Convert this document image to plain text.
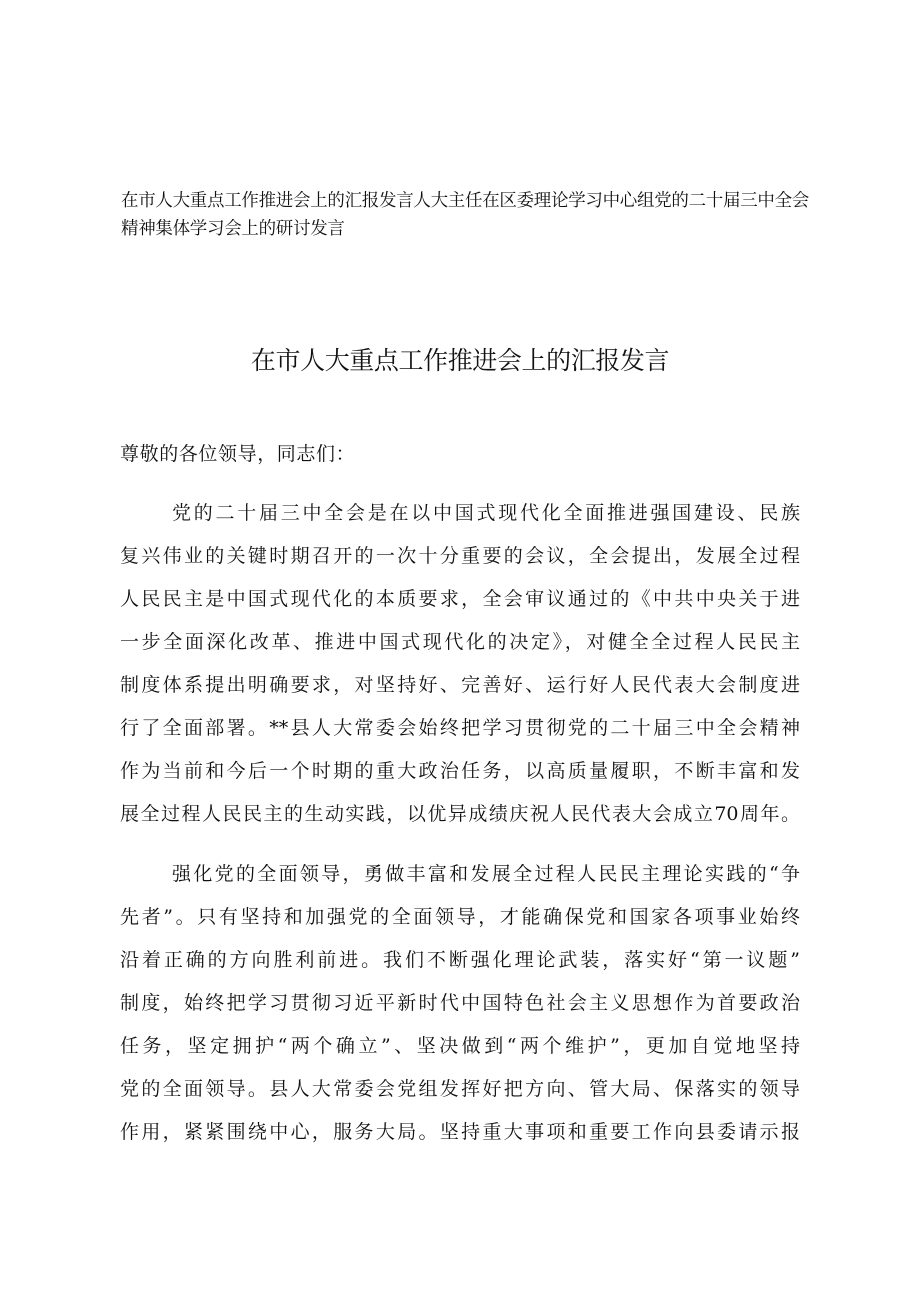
在市人大重点工作推进会上的汇报发言人大主任在区委理论学习中心组党的二十届三中全会
精神集体学习会上的研讨发言
在市人大重点工作推进会上的汇报发言
尊敬的各位领导，同志们：
党的二十届三中全会是在以中国式现代化全面推进强国建设、民族
复兴伟业的关键时期召开的一次十分重要的会议，全会提出，发展全过程
人民民主是中国式现代化的本质要求，全会审议通过的《中共中央关于进
一步全面深化改革、推进中国式现代化的决定》，对健全全过程人民民主
制度体系提出明确要求，对坚持好、完善好、运行好人民代表大会制度进
行了全面部署。**县人大常委会始终把学习贯彻党的二十届三中全会精神
作为当前和今后一个时期的重大政治任务，以高质量履职，不断丰富和发
展全过程人民民主的生动实践，以优异成绩庆祝人民代表大会成立70周年。
强化党的全面领导，勇做丰富和发展全过程人民民主理论实践的“争
先者”。只有坚持和加强党的全面领导，才能确保党和国家各项事业始终
沿着正确的方向胜利前进。我们不断强化理论武装，落实好“第一议题”
制度，始终把学习贯彻习近平新时代中国特色社会主义思想作为首要政治
任务，坚定拥护“两个确立”、坚决做到“两个维护”，更加自觉地坚持
党的全面领导。县人大常委会党组发挥好把方向、管大局、保落实的领导
作用，紧紧围绕中心，服务大局。坚持重大事项和重要工作向县委请示报
